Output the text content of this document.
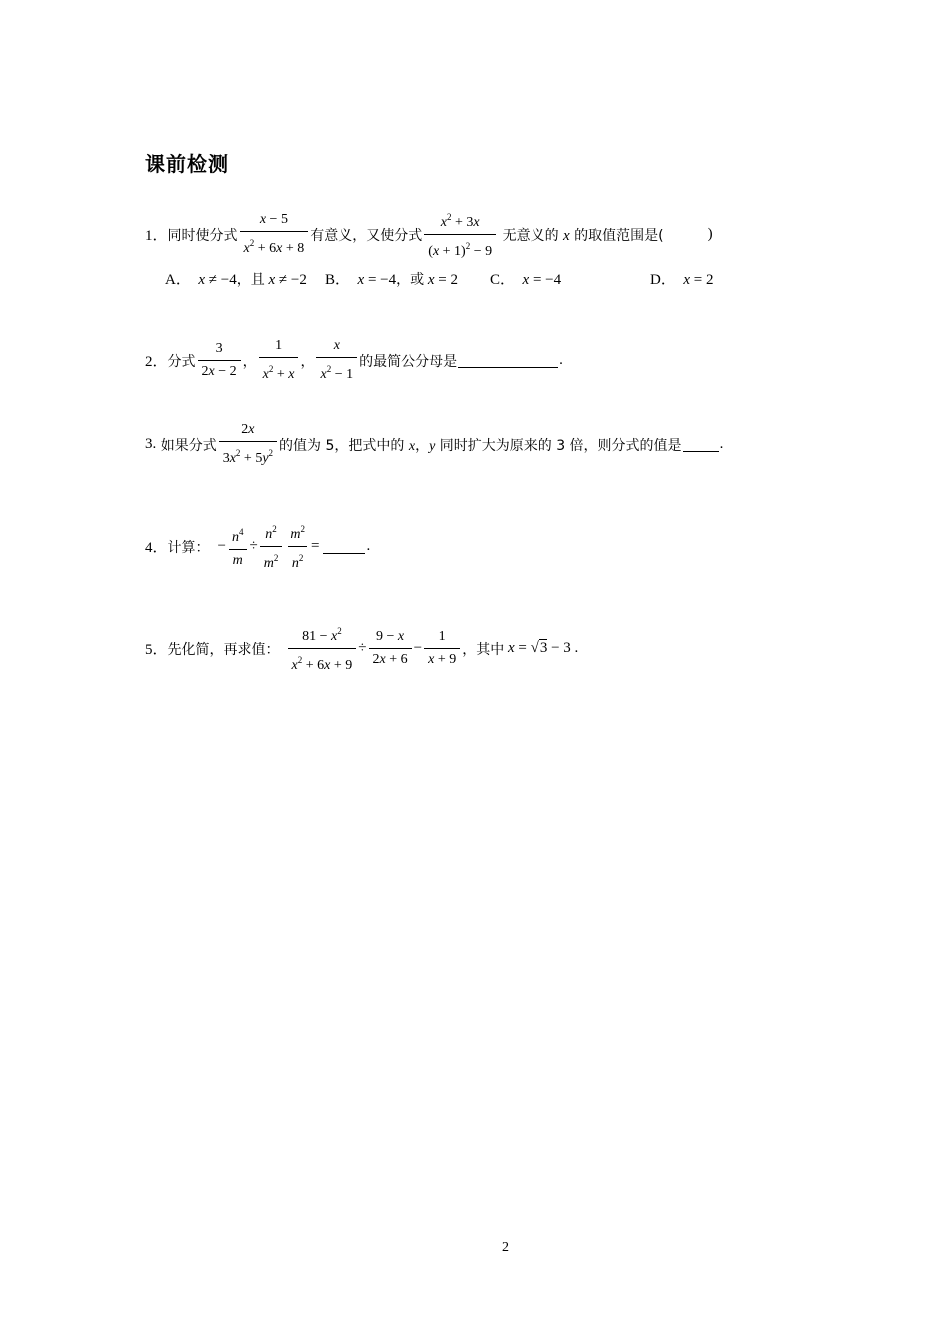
课前检测
1． 同时使分式 $\frac{x - 5}{x^2 + 6x + 8}$ 有意义，又使分式 $\frac{x^2 + 3x}{(x + 1)^2 - 9}$ 无意义的 x 的取值范围是(	)
A．  x ≠ −4，且 x ≠ −2	B．  x = −4，或 x = 2	C．  x = −4	D．  x = 2
2． 分式 $\frac{3}{2x - 2}$ ， $\frac{1}{x^2 + x}$ ， $\frac{x}{x^2 - 1}$ 的最简公分母是	.
3. 如果分式 $\frac{2x}{3x^2 + 5y^2}$ 的值为 5，把式中的 x，y 同时扩大为原来的 3 倍，则分式的值是	.
4． 计算： − $\frac{n^4}{m} \div \frac{n^2}{m^2} \frac{m^2}{n^2}$ =	.
5． 先化简，再求值： $\frac{81 - x^2}{x^2 + 6x + 9} \div \frac{9 - x}{2x + 6} - \frac{1}{x + 9}$ ，其中 x = √3 − 3 .
2
